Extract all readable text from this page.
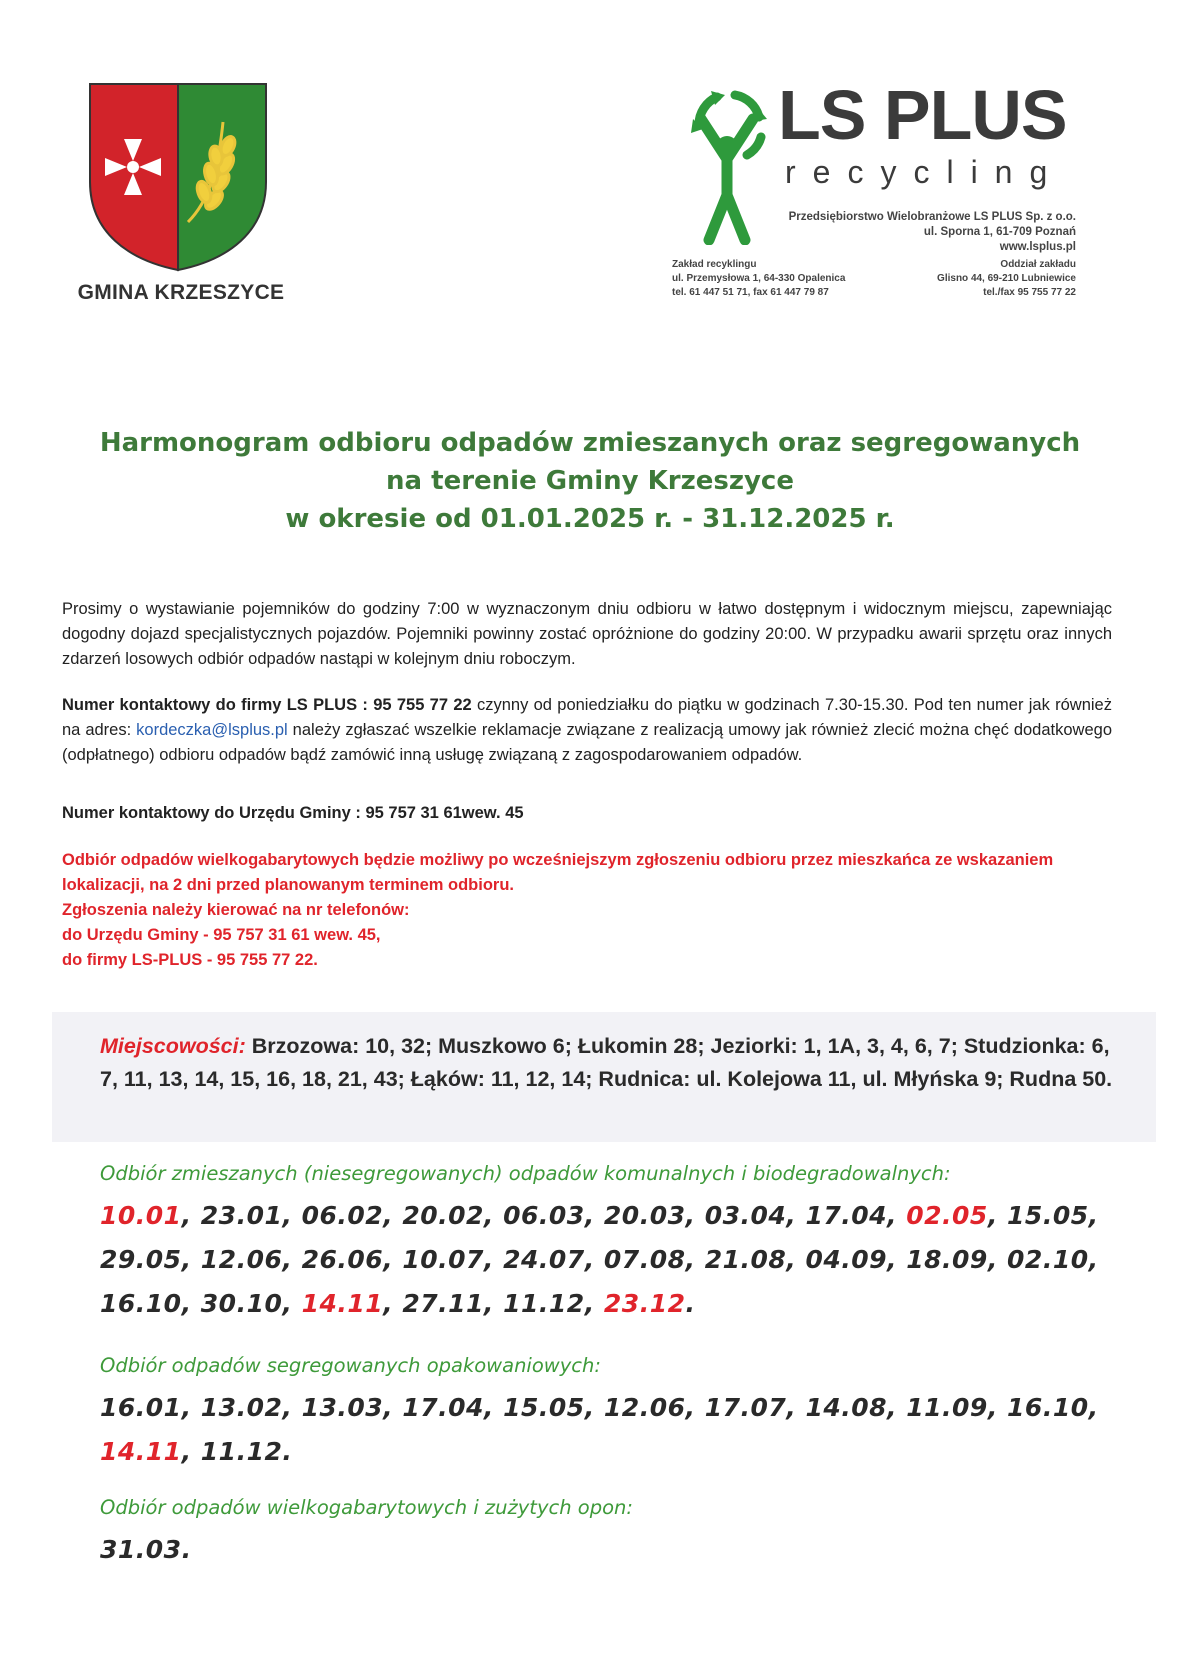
GMINA KRZESZYCE
LS PLUS
recycling
Przedsiębiorstwo Wielobranżowe LS PLUS Sp. z o.o.
ul. Sporna 1, 61-709 Poznań
www.lsplus.pl
Zakład recyklingu
ul. Przemysłowa 1, 64-330 Opalenica
tel. 61 447 51 71, fax 61 447 79 87
Oddział zakładu
Glisno 44, 69-210 Lubniewice
tel./fax 95 755 77 22
Harmonogram odbioru odpadów zmieszanych oraz segregowanych
na terenie Gminy Krzeszyce
w okresie od 01.01.2025 r. - 31.12.2025 r.
Prosimy o wystawianie pojemników do godziny 7:00 w wyznaczonym dniu odbioru w łatwo dostępnym i widocznym miejscu, zapewniając dogodny dojazd specjalistycznych pojazdów. Pojemniki powinny zostać opróżnione do godziny 20:00. W przypadku awarii sprzętu oraz innych zdarzeń losowych odbiór odpadów nastąpi w kolejnym dniu roboczym.
Numer kontaktowy do firmy LS PLUS : 95 755 77 22 czynny od poniedziałku do piątku w godzinach 7.30-15.30. Pod ten numer jak również na adres: kordeczka@lsplus.pl należy zgłaszać wszelkie reklamacje związane z realizacją umowy jak również zlecić można chęć dodatkowego (odpłatnego) odbioru odpadów bądź zamówić inną usługę związaną z zagospodarowaniem odpadów.
Numer kontaktowy do Urzędu Gminy : 95 757 31 61wew. 45
Odbiór odpadów wielkogabarytowych będzie możliwy po wcześniejszym zgłoszeniu odbioru przez mieszkańca ze wskazaniem lokalizacji, na 2 dni przed planowanym terminem odbioru.
Zgłoszenia należy kierować na nr telefonów:
do Urzędu Gminy - 95 757 31 61 wew. 45,
do firmy LS-PLUS - 95 755 77 22.
Miejscowości: Brzozowa: 10, 32; Muszkowo 6; Łukomin 28; Jeziorki: 1, 1A, 3, 4, 6, 7; Studzionka: 6, 7, 11, 13, 14, 15, 16, 18, 21, 43; Łąków: 11, 12, 14; Rudnica: ul. Kolejowa 11, ul. Młyńska 9; Rudna 50.
Odbiór zmieszanych (niesegregowanych) odpadów komunalnych i biodegradowalnych:
10.01, 23.01, 06.02, 20.02, 06.03, 20.03, 03.04, 17.04, 02.05, 15.05, 29.05, 12.06, 26.06, 10.07, 24.07, 07.08, 21.08, 04.09, 18.09, 02.10, 16.10, 30.10, 14.11, 27.11, 11.12, 23.12.
Odbiór odpadów segregowanych opakowaniowych:
16.01, 13.02, 13.03, 17.04, 15.05, 12.06, 17.07, 14.08, 11.09, 16.10, 14.11, 11.12.
Odbiór odpadów wielkogabarytowych i zużytych opon:
31.03.
